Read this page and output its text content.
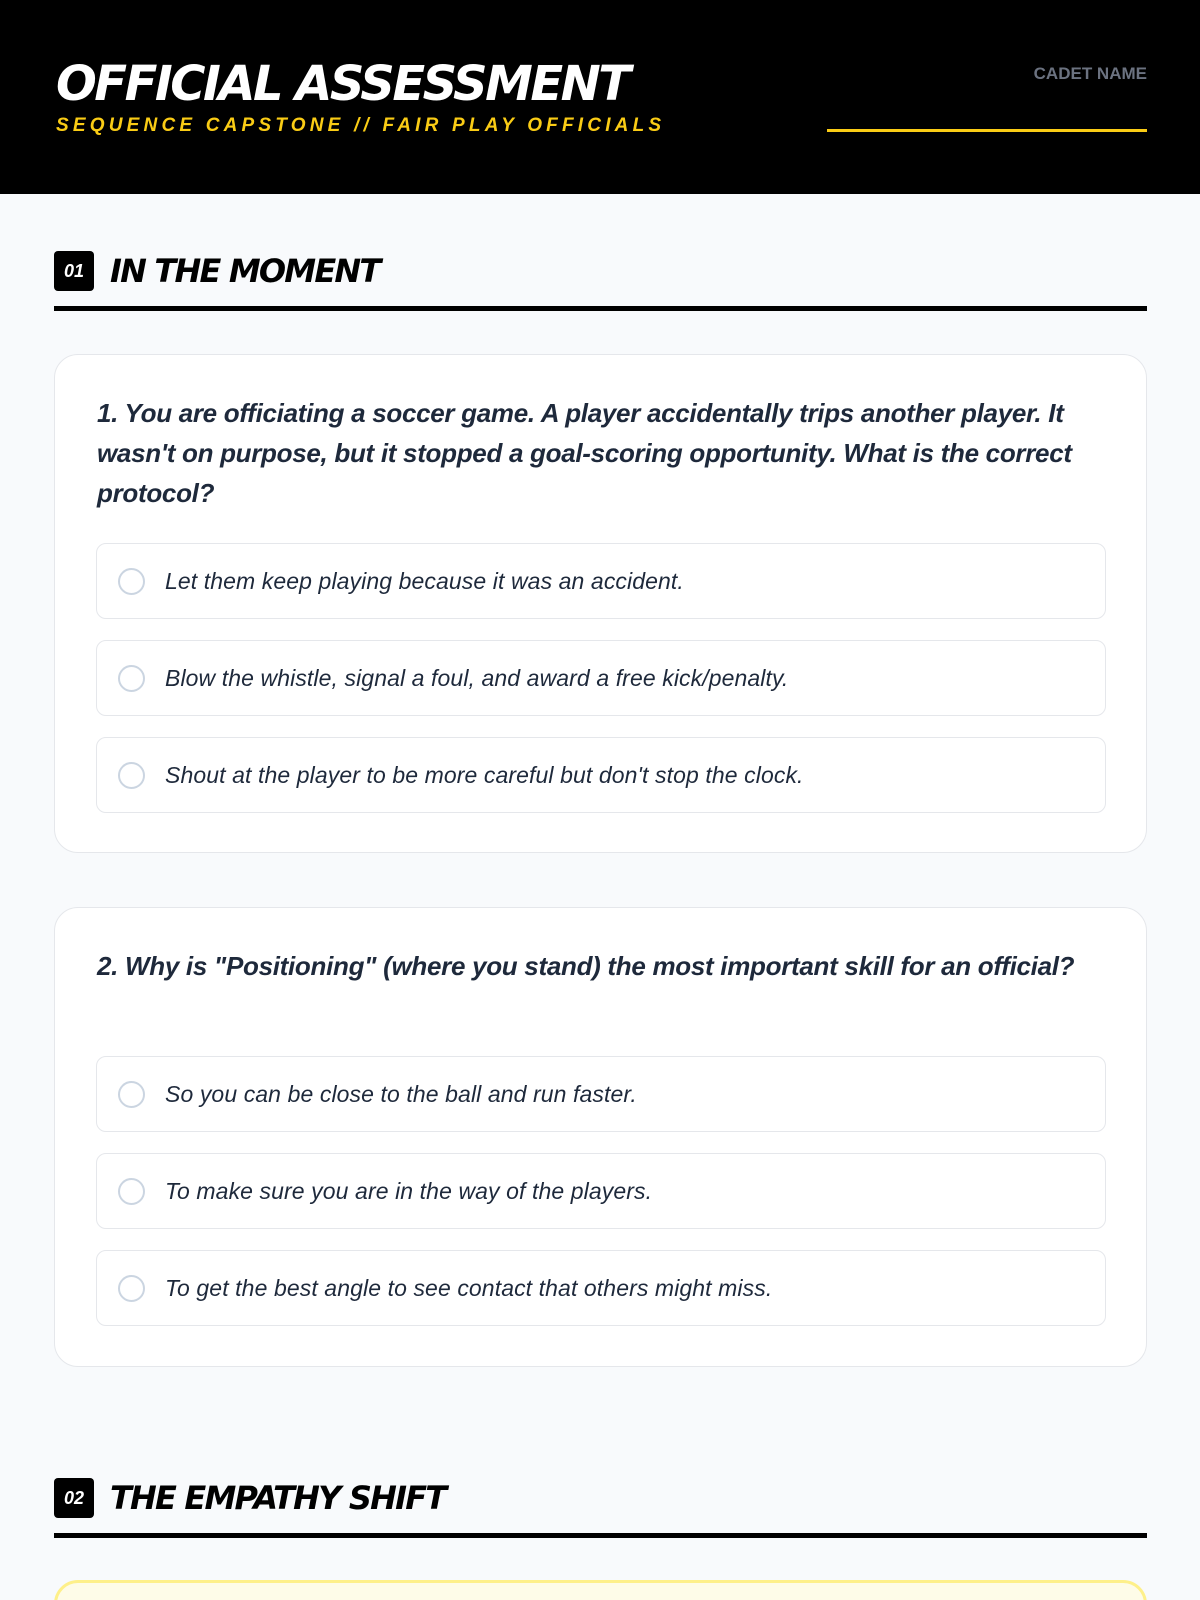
OFFICIAL ASSESSMENT
SEQUENCE CAPSTONE // FAIR PLAY OFFICIALS
CADET NAME
01 IN THE MOMENT
1. You are officiating a soccer game. A player accidentally trips another player. It wasn't on purpose, but it stopped a goal-scoring opportunity. What is the correct protocol?
Let them keep playing because it was an accident.
Blow the whistle, signal a foul, and award a free kick/penalty.
Shout at the player to be more careful but don't stop the clock.
2. Why is "Positioning" (where you stand) the most important skill for an official?
So you can be close to the ball and run faster.
To make sure you are in the way of the players.
To get the best angle to see contact that others might miss.
02 THE EMPATHY SHIFT
